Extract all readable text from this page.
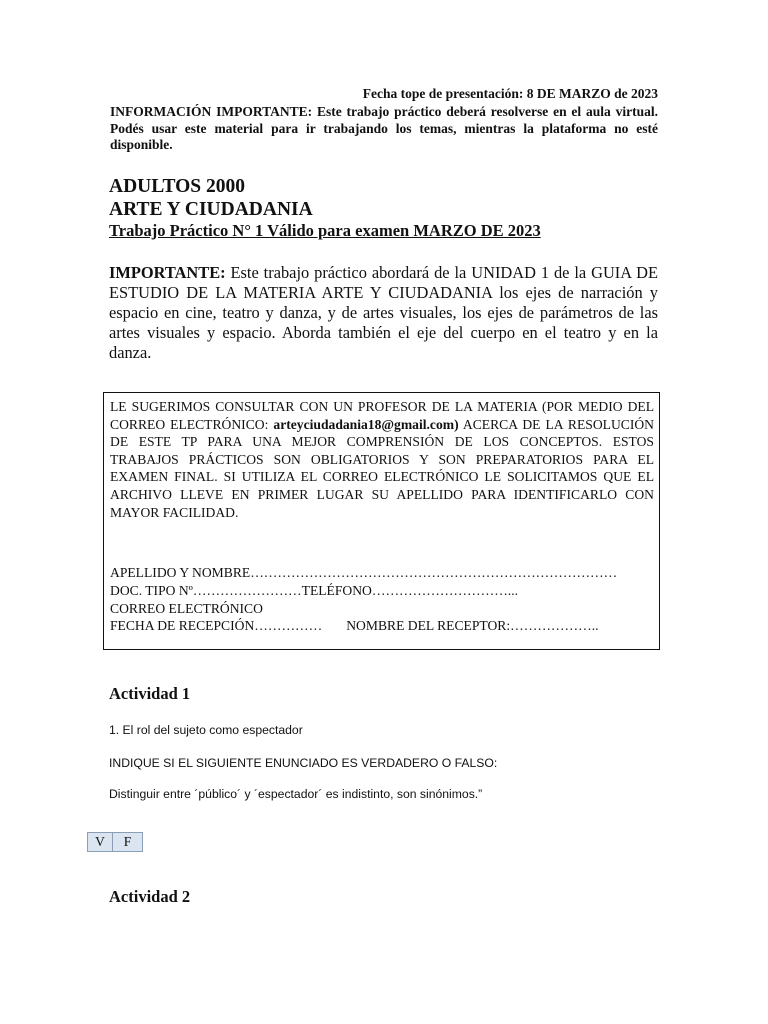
Fecha tope de presentación: 8 DE MARZO de 2023
INFORMACIÓN IMPORTANTE: Este trabajo práctico deberá resolverse en el aula virtual. Podés usar este material para ir trabajando los temas, mientras la plataforma no esté disponible.
ADULTOS 2000
ARTE Y CIUDADANIA
Trabajo Práctico N° 1 Válido para examen MARZO DE 2023
IMPORTANTE: Este trabajo práctico abordará de la UNIDAD 1 de la GUIA DE ESTUDIO DE LA MATERIA ARTE Y CIUDADANIA los ejes de narración y espacio en cine, teatro y danza, y de artes visuales, los ejes de parámetros de las artes visuales y espacio. Aborda también el eje del cuerpo en el teatro y en la danza.
LE SUGERIMOS CONSULTAR CON UN PROFESOR DE LA MATERIA (POR MEDIO DEL CORREO ELECTRÓNICO: arteyciudadania18@gmail.com) ACERCA DE LA RESOLUCIÓN DE ESTE TP PARA UNA MEJOR COMPRENSIÓN DE LOS CONCEPTOS. ESTOS TRABAJOS PRÁCTICOS SON OBLIGATORIOS Y SON PREPARATORIOS PARA EL EXAMEN FINAL. SI UTILIZA EL CORREO ELECTRÓNICO LE SOLICITAMOS QUE EL ARCHIVO LLEVE EN PRIMER LUGAR SU APELLIDO PARA IDENTIFICARLO CON MAYOR FACILIDAD.
APELLIDO Y NOMBRE………………………………………………………………………
DOC. TIPO Nº……………………TELÉFONO…………………………...
CORREO ELECTRÓNICO
FECHA DE RECEPCIÓN…………… NOMBRE DEL RECEPTOR:………………..
Actividad 1
1. El rol del sujeto como espectador
INDIQUE SI EL SIGUIENTE ENUNCIADO ES VERDADERO O FALSO:
Distinguir entre ´público´ y ´espectador´ es indistinto, son sinónimos.”
V	F
Actividad 2
